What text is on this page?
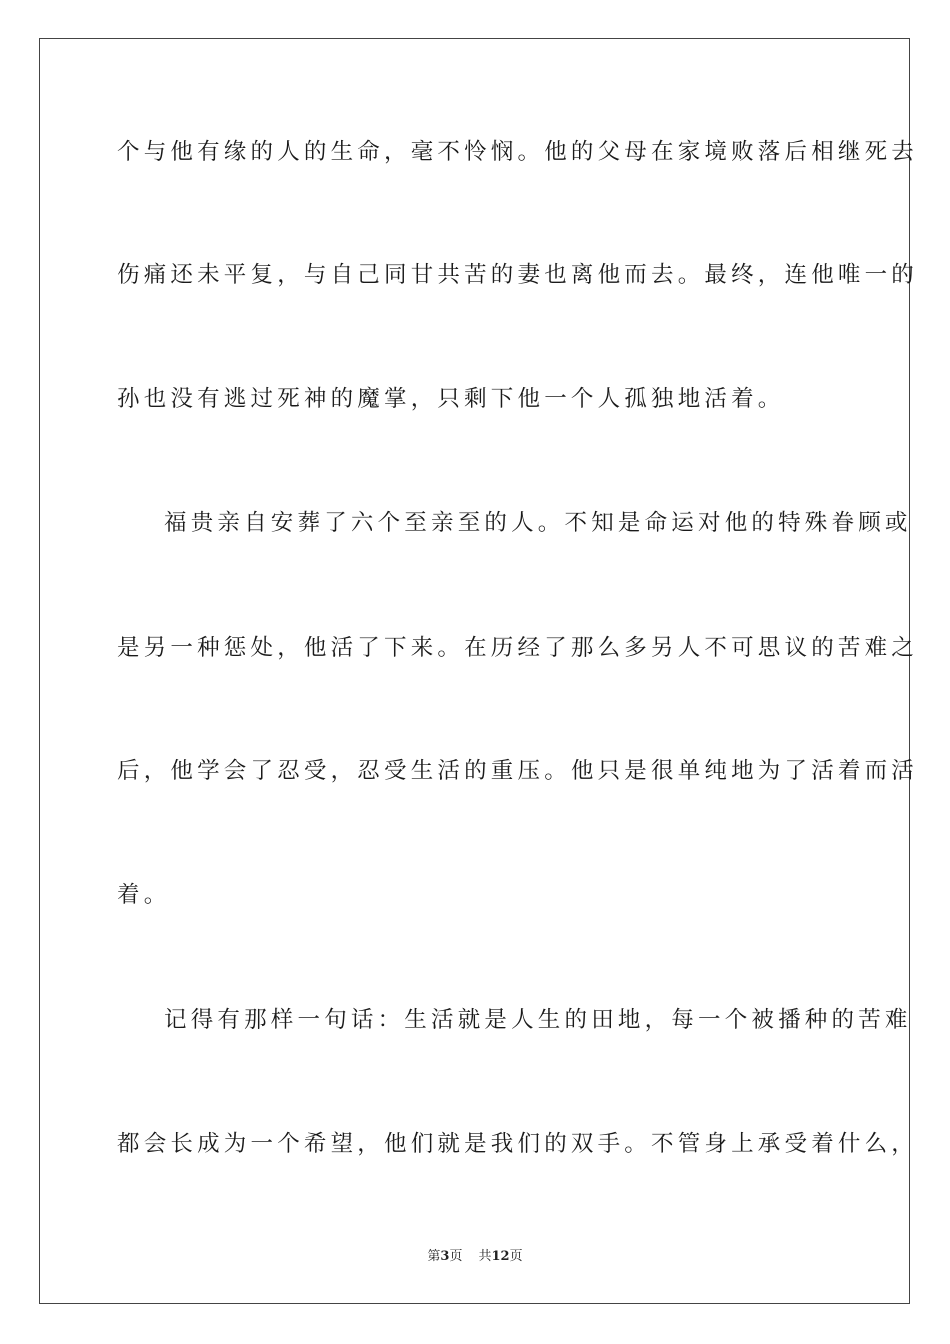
个与他有缘的人的生命，毫不怜悯。他的父母在家境败落后相继死去
伤痛还未平复，与自己同甘共苦的妻也离他而去。最终，连他唯一的
孙也没有逃过死神的魔掌，只剩下他一个人孤独地活着。
福贵亲自安葬了六个至亲至的人。不知是命运对他的特殊眷顾或
是另一种惩处，他活了下来。在历经了那么多另人不可思议的苦难之
后，他学会了忍受，忍受生活的重压。他只是很单纯地为了活着而活
着。
记得有那样一句话：生活就是人生的田地，每一个被播种的苦难
都会长成为一个希望，他们就是我们的双手。不管身上承受着什么，
第3页 共12页
